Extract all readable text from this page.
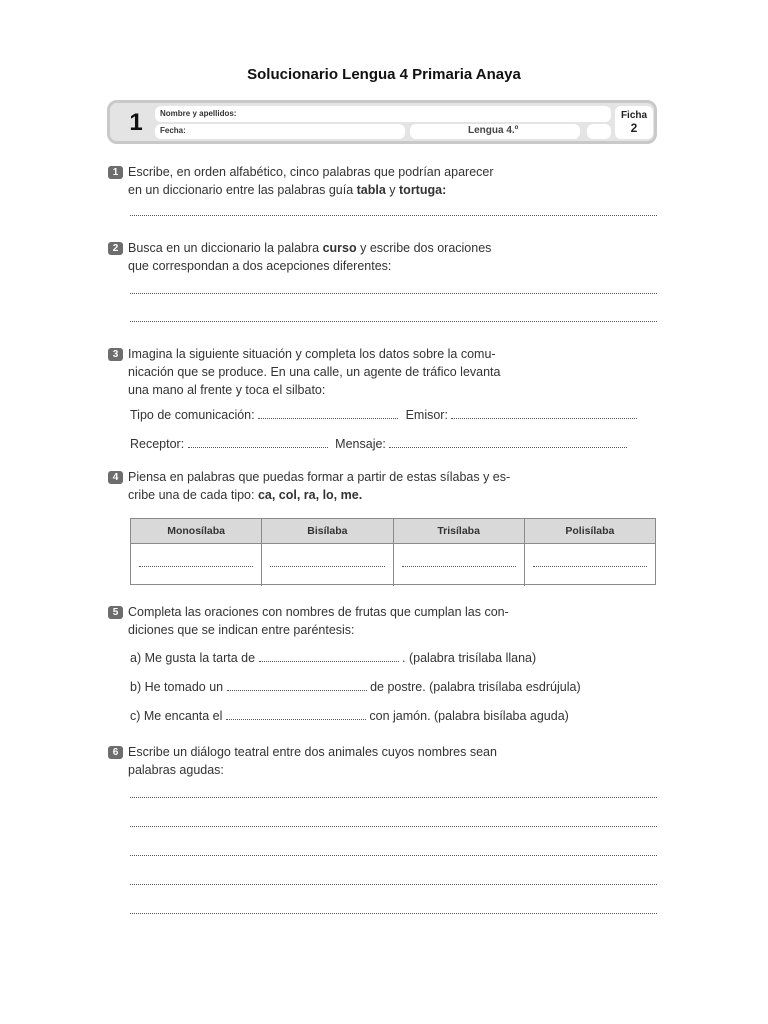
Solucionario Lengua 4 Primaria Anaya
1	Nombre y apellidos:
Fecha:	Lengua 4.º
Ficha
2
1 Escribe, en orden alfabético, cinco palabras que podrían aparecer
en un diccionario entre las palabras guía tabla y tortuga:
2 Busca en un diccionario la palabra curso y escribe dos oraciones
que correspondan a dos acepciones diferentes:
3 Imagina la siguiente situación y completa los datos sobre la comu-
nicación que se produce. En una calle, un agente de tráfico levanta
una mano al frente y toca el silbato:
Tipo de comunicación:	Emisor:
Receptor:	Mensaje:
4 Piensa en palabras que puedas formar a partir de estas sílabas y es-
cribe una de cada tipo: ca, col, ra, lo, me.
Monosílaba	Bisílaba	Trisílaba	Polisílaba
5 Completa las oraciones con nombres de frutas que cumplan las con-
diciones que se indican entre paréntesis:
a) Me gusta la tarta de	. (palabra trisílaba llana)
b) He tomado un	de postre. (palabra trisílaba esdrújula)
c) Me encanta el	con jamón. (palabra bisílaba aguda)
6 Escribe un diálogo teatral entre dos animales cuyos nombres sean
palabras agudas:
